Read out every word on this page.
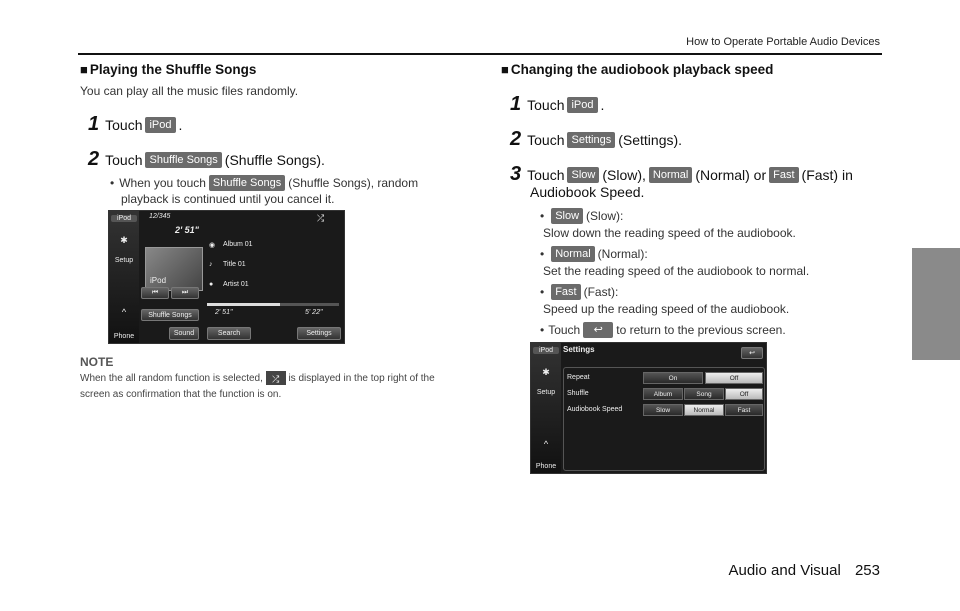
How to Operate Portable Audio Devices
■ Playing the Shuffle Songs
You can play all the music files randomly.
1 Touch iPod .
2 Touch Shuffle Songs (Shuffle Songs).
• When you touch Shuffle Songs (Shuffle Songs), random
playback is continued until you cancel it.
iPod
✱
Setup
^
Phone
12/345
2' 51"
⤮
iPod
◉ Album 01
♪ Title 01
● Artist 01
⏮	⏭
2' 51"	5' 22"
Shuffle Songs
Sound	Search	Settings
NOTE
When the all random function is selected, ⤮ is displayed in the top right of the
screen as confirmation that the function is on.
■ Changing the audiobook playback speed
1 Touch iPod .
2 Touch Settings (Settings).
3 Touch Slow (Slow), Normal (Normal) or Fast (Fast) in
Audiobook Speed.
•	Slow (Slow):
Slow down the reading speed of the audiobook.
•	Normal (Normal):
Set the reading speed of the audiobook to normal.
•	Fast (Fast):
Speed up the reading speed of the audiobook.
• Touch	↩	to return to the previous screen.
iPod
✱
Setup
^
Phone
Settings	↩
Repeat	On	Off
Shuffle	Album	Song	Off
Audiobook Speed	Slow	Normal	Fast
Audio and Visual 253
